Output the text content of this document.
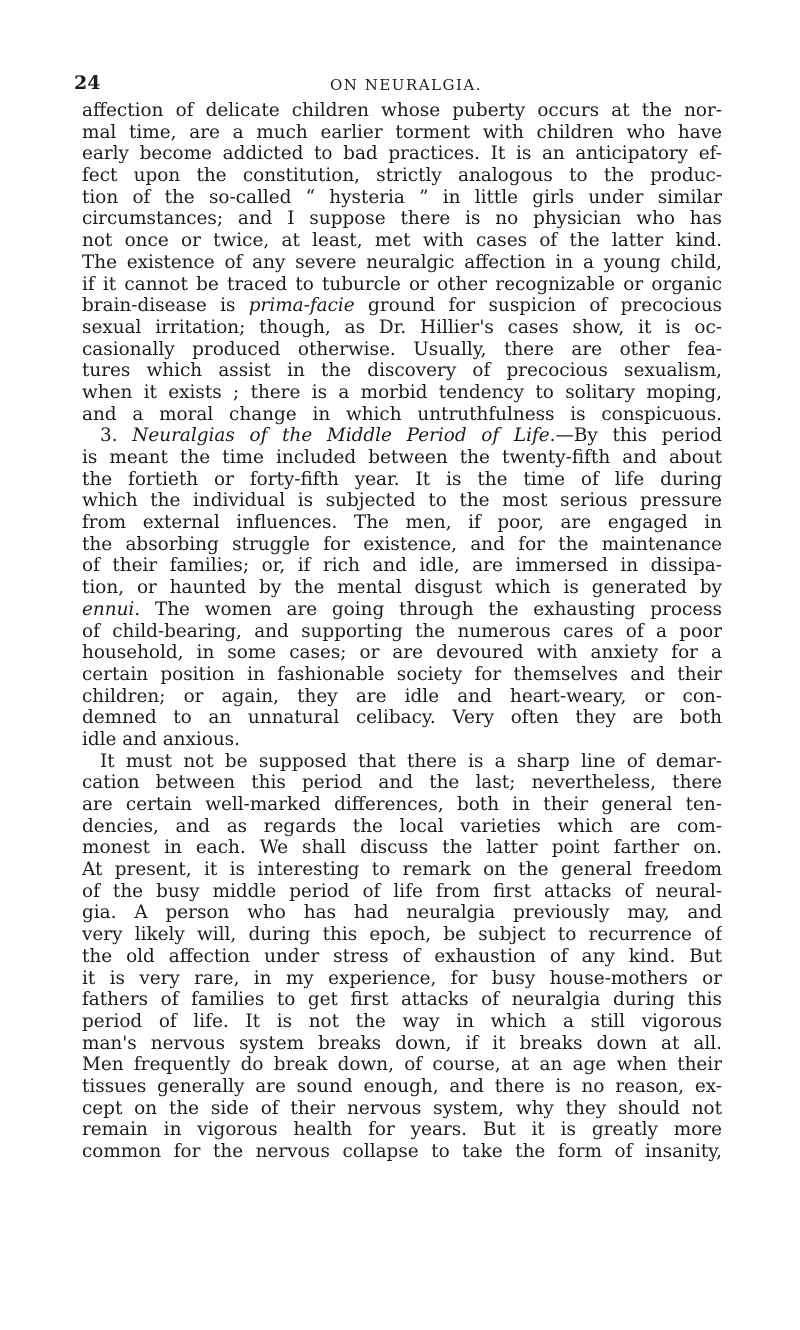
24	ON NEURALGIA.
affection of delicate children whose puberty occurs at the nor-
mal time, are a much earlier torment with children who have
early become addicted to bad practices. It is an anticipatory ef-
fect upon the constitution, strictly analogous to the produc-
tion of the so-called “ hysteria ” in little girls under similar
circumstances; and I suppose there is no physician who has
not once or twice, at least, met with cases of the latter kind.
The existence of any severe neuralgic affection in a young child,
if it cannot be traced to tuburcle or other recognizable or organic
brain-disease is prima-facie ground for suspicion of precocious
sexual irritation; though, as Dr. Hillier's cases show, it is oc-
casionally produced otherwise. Usually, there are other fea-
tures which assist in the discovery of precocious sexualism,
when it exists ; there is a morbid tendency to solitary moping,
and a moral change in which untruthfulness is conspicuous.
3. Neuralgias of the Middle Period of Life.—By this period
is meant the time included between the twenty-fifth and about
the fortieth or forty-fifth year. It is the time of life during
which the individual is subjected to the most serious pressure
from external influences. The men, if poor, are engaged in
the absorbing struggle for existence, and for the maintenance
of their families; or, if rich and idle, are immersed in dissipa-
tion, or haunted by the mental disgust which is generated by
ennui. The women are going through the exhausting process
of child-bearing, and supporting the numerous cares of a poor
household, in some cases; or are devoured with anxiety for a
certain position in fashionable society for themselves and their
children; or again, they are idle and heart-weary, or con-
demned to an unnatural celibacy. Very often they are both
idle and anxious.
It must not be supposed that there is a sharp line of demar-
cation between this period and the last; nevertheless, there
are certain well-marked differences, both in their general ten-
dencies, and as regards the local varieties which are com-
monest in each. We shall discuss the latter point farther on.
At present, it is interesting to remark on the general freedom
of the busy middle period of life from first attacks of neural-
gia. A person who has had neuralgia previously may, and
very likely will, during this epoch, be subject to recurrence of
the old affection under stress of exhaustion of any kind. But
it is very rare, in my experience, for busy house-mothers or
fathers of families to get first attacks of neuralgia during this
period of life. It is not the way in which a still vigorous
man's nervous system breaks down, if it breaks down at all.
Men frequently do break down, of course, at an age when their
tissues generally are sound enough, and there is no reason, ex-
cept on the side of their nervous system, why they should not
remain in vigorous health for years. But it is greatly more
common for the nervous collapse to take the form of insanity,
